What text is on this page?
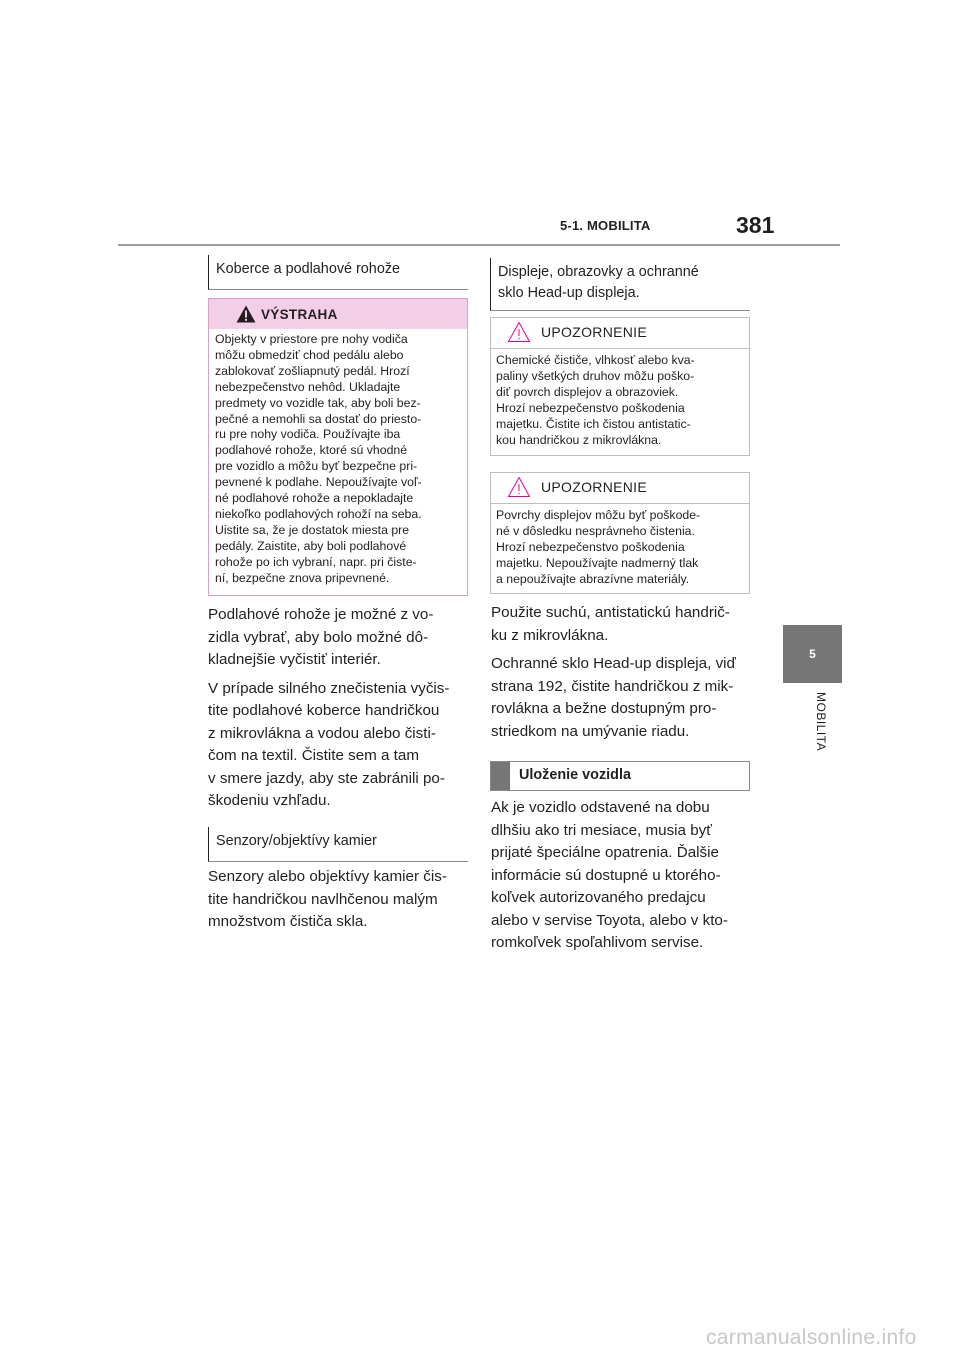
5-1. MOBILITA	381
5
MOBILITA
Koberce a podlahové rohože
VÝSTRAHA
Objekty v priestore pre nohy vodiča
môžu obmedziť chod pedálu alebo
zablokovať zošliapnutý pedál. Hrozí
nebezpečenstvo nehôd. Ukladajte
predmety vo vozidle tak, aby boli bez-
pečné a nemohli sa dostať do priesto-
ru pre nohy vodiča. Používajte iba
podlahové rohože, ktoré sú vhodné
pre vozidlo a môžu byť bezpečne pri-
pevnené k podlahe. Nepoužívajte voľ-
né podlahové rohože a nepokladajte
niekoľko podlahových rohoží na seba.
Uistite sa, že je dostatok miesta pre
pedály. Zaistite, aby boli podlahové
rohože po ich vybraní, napr. pri čiste-
ní, bezpečne znova pripevnené.
Podlahové rohože je možné z vo-
zidla vybrať, aby bolo možné dô-
kladnejšie vyčistiť interiér.
V prípade silného znečistenia vyčis-
tite podlahové koberce handričkou
z mikrovlákna a vodou alebo čisti-
čom na textil. Čistite sem a tam
v smere jazdy, aby ste zabránili po-
škodeniu vzhľadu.
Senzory/objektívy kamier
Senzory alebo objektívy kamier čis-
tite handričkou navlhčenou malým
množstvom čističa skla.
Displeje, obrazovky a ochranné
sklo Head-up displeja.
UPOZORNENIE
Chemické čističe, vlhkosť alebo kva-
paliny všetkých druhov môžu poško-
diť povrch displejov a obrazoviek.
Hrozí nebezpečenstvo poškodenia
majetku. Čistite ich čistou antistatic-
kou handričkou z mikrovlákna.
UPOZORNENIE
Povrchy displejov môžu byť poškode-
né v dôsledku nesprávneho čistenia.
Hrozí nebezpečenstvo poškodenia
majetku. Nepoužívajte nadmerný tlak
a nepoužívajte abrazívne materiály.
Použite suchú, antistatickú handrič-
ku z mikrovlákna.
Ochranné sklo Head-up displeja, viď
strana 192, čistite handričkou z mik-
rovlákna a bežne dostupným pro-
striedkom na umývanie riadu.
Uloženie vozidla
Ak je vozidlo odstavené na dobu
dlhšiu ako tri mesiace, musia byť
prijaté špeciálne opatrenia. Ďalšie
informácie sú dostupné u ktorého-
koľvek autorizovaného predajcu
alebo v servise Toyota, alebo v kto-
romkoľvek spoľahlivom servise.
carmanualsonline.info
